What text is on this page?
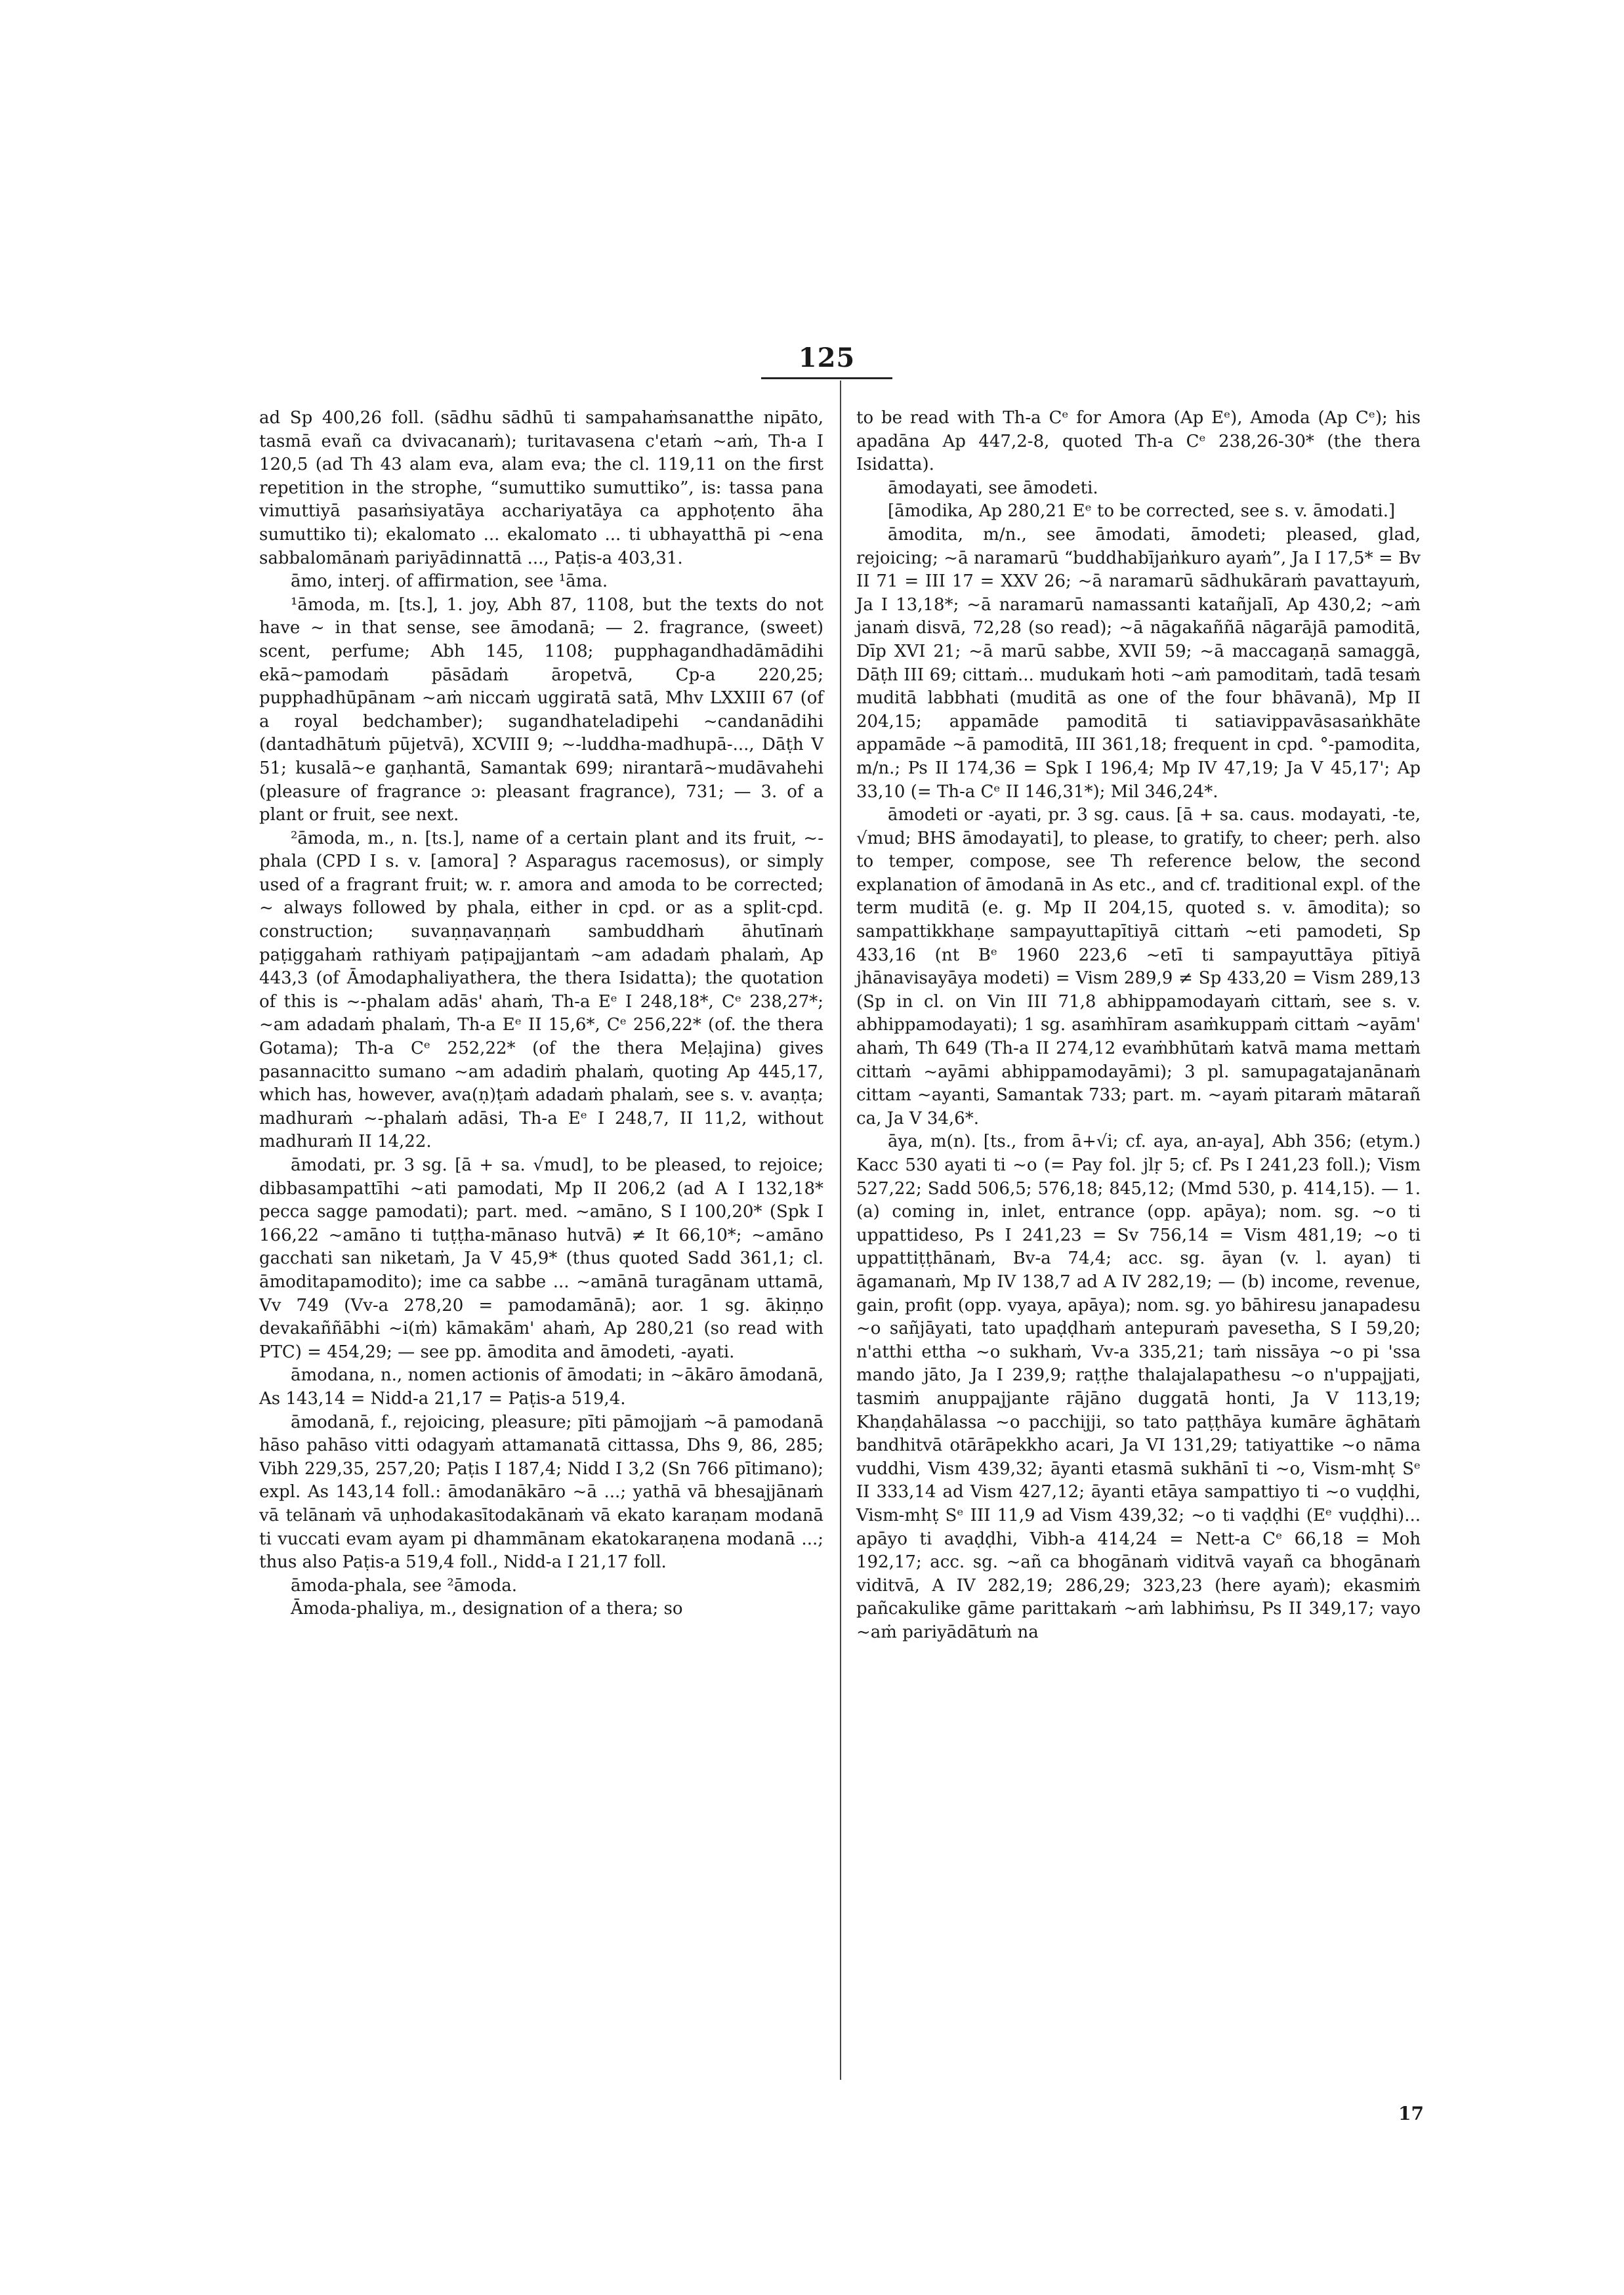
125

ad Sp 400,26 foll. (sādhu sādhū ti sampahaṁsanatthe nipāto, tasmā evañ ca dvivacanaṁ); turitavasena c'etaṁ ~aṁ, Th-a I 120,5 (ad Th 43 alam eva, alam eva; the cl. 119,11 on the first repetition in the strophe, “sumuttiko sumuttiko”, is: tassa pana vimuttiyā pasaṁsiyatāya acchariyatāya ca apphoṭento āha sumuttiko ti); ekalomato ... ekalomato ... ti ubhayatthā pi ~ena sabbalomānaṁ pariyādinnattā ..., Paṭis-a 403,31.

āmo, interj. of affirmation, see ¹āma.

¹āmoda, m. [ts.], 1. joy, Abh 87, 1108, but the texts do not have ~ in that sense, see āmodanā; — 2. fragrance, (sweet) scent, perfume; Abh 145, 1108; pupphagandhadāmādihi ekā~pamodaṁ pāsādaṁ āropetvā, Cp-a 220,25; pupphadhūpānam ~aṁ niccaṁ uggiratā satā, Mhv LXXIII 67 (of a royal bedchamber); sugandhateladipehi ~candanādihi (dantadhātuṁ pūjetvā), XCVIII 9; ~-luddha-madhupā-..., Dāṭh V 51; kusalā~e gaṇhantā, Samantak 699; nirantarā~mudāvahehi (pleasure of fragrance ɔ: pleasant fragrance), 731; — 3. of a plant or fruit, see next.

²āmoda, m., n. [ts.], name of a certain plant and its fruit, ~-phala (CPD I s. v. [amora] ? Asparagus racemosus), or simply used of a fragrant fruit; w. r. amora and amoda to be corrected; ~ always followed by phala, either in cpd. or as a split-cpd. construction; suvaṇṇavaṇṇaṁ sambuddhaṁ āhutīnaṁ paṭiggahaṁ rathiyaṁ paṭipajjantaṁ ~am adadaṁ phalaṁ, Ap 443,3 (of Āmodaphaliyathera, the thera Isidatta); the quotation of this is ~-phalam adās' ahaṁ, Th-a Eᵉ I 248,18*, Cᵉ 238,27*; ~am adadaṁ phalaṁ, Th-a Eᵉ II 15,6*, Cᵉ 256,22* (of. the thera Gotama); Th-a Cᵉ 252,22* (of the thera Meḷajina) gives pasannacitto sumano ~am adadiṁ phalaṁ, quoting Ap 445,17, which has, however, ava(ṇ)ṭaṁ adadaṁ phalaṁ, see s. v. avaṇṭa; madhuraṁ ~-phalaṁ adāsi, Th-a Eᵉ I 248,7, II 11,2, without madhuraṁ II 14,22.

āmodati, pr. 3 sg. [ā + sa. √mud], to be pleased, to rejoice; dibbasampattīhi ~ati pamodati, Mp II 206,2 (ad A I 132,18* pecca sagge pamodati); part. med. ~amāno, S I 100,20* (Spk I 166,22 ~amāno ti tuṭṭha-mānaso hutvā) ≠ It 66,10*; ~amāno gacchati san niketaṁ, Ja V 45,9* (thus quoted Sadd 361,1; cl. āmoditapamodito); ime ca sabbe ... ~amānā turagānam uttamā, Vv 749 (Vv-a 278,20 = pamodamānā); aor. 1 sg. ākiṇṇo devakaññābhi ~i(ṁ) kāmakām' ahaṁ, Ap 280,21 (so read with PTC) = 454,29; — see pp. āmodita and āmodeti, -ayati.

āmodana, n., nomen actionis of āmodati; in ~ākāro āmodanā, As 143,14 = Nidd-a 21,17 = Paṭis-a 519,4.

āmodanā, f., rejoicing, pleasure; pīti pāmojjaṁ ~ā pamodanā hāso pahāso vitti odagyaṁ attamanatā cittassa, Dhs 9, 86, 285; Vibh 229,35, 257,20; Paṭis I 187,4; Nidd I 3,2 (Sn 766 pītimano); expl. As 143,14 foll.: āmodanākāro ~ā ...; yathā vā bhesajjānaṁ vā telānaṁ vā uṇhodakasītodakānaṁ vā ekato karaṇam modanā ti vuccati evam ayam pi dhammānam ekatokaraṇena modanā ...; thus also Paṭis-a 519,4 foll., Nidd-a I 21,17 foll.

āmoda-phala, see ²āmoda.

Āmoda-phaliya, m., designation of a thera; so

to be read with Th-a Cᵉ for Amora (Ap Eᵉ), Amoda (Ap Cᵉ); his apadāna Ap 447,2-8, quoted Th-a Cᵉ 238,26-30* (the thera Isidatta).

āmodayati, see āmodeti.

[āmodika, Ap 280,21 Eᵉ to be corrected, see s. v. āmodati.]

āmodita, m/n., see āmodati, āmodeti; pleased, glad, rejoicing; ~ā naramarū “buddhabījaṅkuro ayaṁ”, Ja I 17,5* = Bv II 71 = III 17 = XXV 26; ~ā naramarū sādhukāraṁ pavattayuṁ, Ja I 13,18*; ~ā naramarū namassanti katañjalī, Ap 430,2; ~aṁ janaṁ disvā, 72,28 (so read); ~ā nāgakaññā nāgarājā pamoditā, Dīp XVI 21; ~ā marū sabbe, XVII 59; ~ā maccagaṇā samaggā, Dāṭh III 69; cittaṁ... mudukaṁ hoti ~aṁ pamoditaṁ, tadā tesaṁ muditā labbhati (muditā as one of the four bhāvanā), Mp II 204,15; appamāde pamoditā ti satiavippavāsasaṅkhāte appamāde ~ā pamoditā, III 361,18; frequent in cpd. °-pamodita, m/n.; Ps II 174,36 = Spk I 196,4; Mp IV 47,19; Ja V 45,17'; Ap 33,10 (= Th-a Cᵉ II 146,31*); Mil 346,24*.

āmodeti or -ayati, pr. 3 sg. caus. [ā + sa. caus. modayati, -te, √mud; BHS āmodayati], to please, to gratify, to cheer; perh. also to temper, compose, see Th reference below, the second explanation of āmodanā in As etc., and cf. traditional expl. of the term muditā (e. g. Mp II 204,15, quoted s. v. āmodita); so sampattikkhaṇe sampayuttapītiyā cittaṁ ~eti pamodeti, Sp 433,16 (nt Bᵉ 1960 223,6 ~etī ti sampayuttāya pītiyā jhānavisayāya modeti) = Vism 289,9 ≠ Sp 433,20 = Vism 289,13 (Sp in cl. on Vin III 71,8 abhippamodayaṁ cittaṁ, see s. v. abhippamodayati); 1 sg. asaṁhīram asaṁkuppaṁ cittaṁ ~ayām' ahaṁ, Th 649 (Th-a II 274,12 evaṁbhūtaṁ katvā mama mettaṁ cittaṁ ~ayāmi abhippamodayāmi); 3 pl. samupagatajanānaṁ cittam ~ayanti, Samantak 733; part. m. ~ayaṁ pitaraṁ mātarañ ca, Ja V 34,6*.

āya, m(n). [ts., from ā+√i; cf. aya, an-aya], Abh 356; (etym.) Kacc 530 ayati ti ~o (= Pay fol. jlṛ 5; cf. Ps I 241,23 foll.); Vism 527,22; Sadd 506,5; 576,18; 845,12; (Mmd 530, p. 414,15). — 1. (a) coming in, inlet, entrance (opp. apāya); nom. sg. ~o ti uppattideso, Ps I 241,23 = Sv 756,14 = Vism 481,19; ~o ti uppattiṭṭhānaṁ, Bv-a 74,4; acc. sg. āyan (v. l. ayan) ti āgamanaṁ, Mp IV 138,7 ad A IV 282,19; — (b) income, revenue, gain, profit (opp. vyaya, apāya); nom. sg. yo bāhiresu janapadesu ~o sañjāyati, tato upaḍḍhaṁ antepuraṁ pavesetha, S I 59,20; n'atthi ettha ~o sukhaṁ, Vv-a 335,21; taṁ nissāya ~o pi 'ssa mando jāto, Ja I 239,9; raṭṭhe thalajalapathesu ~o n'uppajjati, tasmiṁ anuppajjante rājāno duggatā honti, Ja V 113,19; Khaṇḍahālassa ~o pacchijji, so tato paṭṭhāya kumāre āghātaṁ bandhitvā otārāpekkho acari, Ja VI 131,29; tatiyattike ~o nāma vuddhi, Vism 439,32; āyanti etasmā sukhānī ti ~o, Vism-mhṭ Sᵉ II 333,14 ad Vism 427,12; āyanti etāya sampattiyo ti ~o vuḍḍhi, Vism-mhṭ Sᵉ III 11,9 ad Vism 439,32; ~o ti vaḍḍhi (Eᵉ vuḍḍhi)... apāyo ti avaḍḍhi, Vibh-a 414,24 = Nett-a Cᵉ 66,18 = Moh 192,17; acc. sg. ~añ ca bhogānaṁ viditvā vayañ ca bhogānaṁ viditvā, A IV 282,19; 286,29; 323,23 (here ayaṁ); ekasmiṁ pañcakulike gāme parittakaṁ ~aṁ labhiṁsu, Ps II 349,17; vayo ~aṁ pariyādātuṁ na

17
